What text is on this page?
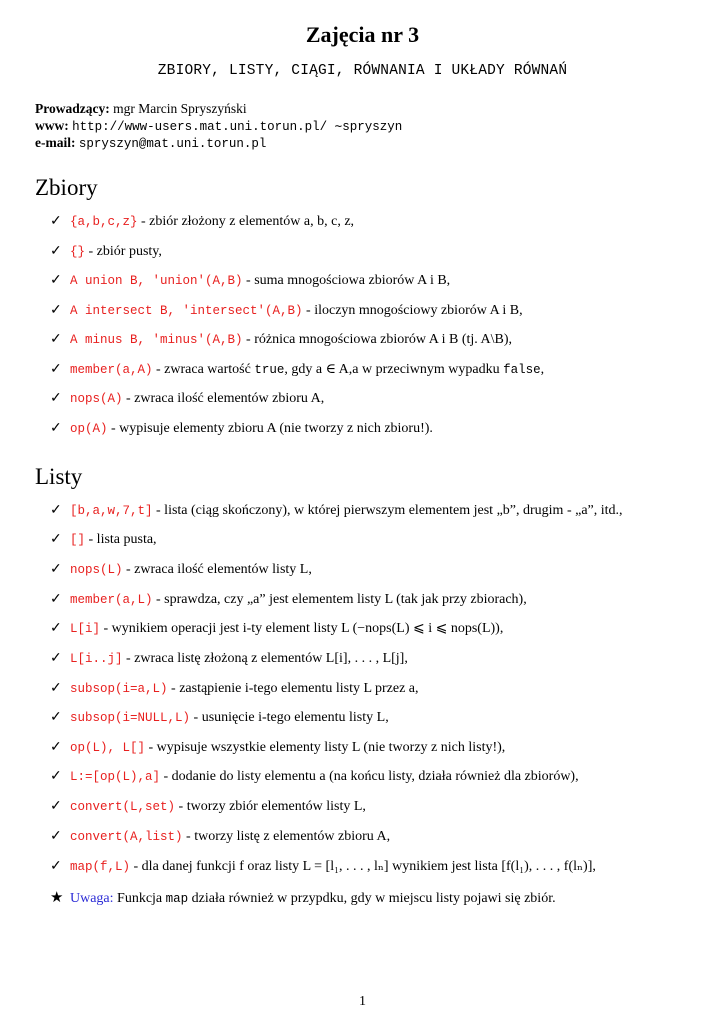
Zajęcia nr 3
ZBIORY, LISTY, CIĄGI, RÓWNANIA I UKŁADY RÓWNAŃ
Prowadzący: mgr Marcin Spryszyński
www: http://www-users.mat.uni.torun.pl/ ∼spryszyn
e-mail: spryszyn@mat.uni.torun.pl
Zbiory
✓ {a,b,c,z} - zbiór złożony z elementów a, b, c, z,
✓ {} - zbiór pusty,
✓ A union B, 'union'(A,B) - suma mnogościowa zbiorów A i B,
✓ A intersect B, 'intersect'(A,B) - iloczyn mnogościowy zbiorów A i B,
✓ A minus B, 'minus'(A,B) - różnica mnogościowa zbiorów A i B (tj. A\B),
✓ member(a,A) - zwraca wartość true, gdy a ∈ A,a w przeciwnym wypadku false,
✓ nops(A) - zwraca ilość elementów zbioru A,
✓ op(A) - wypisuje elementy zbioru A (nie tworzy z nich zbioru!).
Listy
✓ [b,a,w,7,t] - lista (ciąg skończony), w której pierwszym elementem jest „b”, drugim - „a”, itd.,
✓ [] - lista pusta,
✓ nops(L) - zwraca ilość elementów listy L,
✓ member(a,L) - sprawdza, czy „a” jest elementem listy L (tak jak przy zbiorach),
✓ L[i] - wynikiem operacji jest i-ty element listy L (−nops(L) ⩽ i ⩽ nops(L)),
✓ L[i..j] - zwraca listę złożoną z elementów L[i], . . . , L[j],
✓ subsop(i=a,L) - zastąpienie i-tego elementu listy L przez a,
✓ subsop(i=NULL,L) - usunięcie i-tego elementu listy L,
✓ op(L), L[] - wypisuje wszystkie elementy listy L (nie tworzy z nich listy!),
✓ L:=[op(L),a] - dodanie do listy elementu a (na końcu listy, działa również dla zbiorów),
✓ convert(L,set) - tworzy zbiór elementów listy L,
✓ convert(A,list) - tworzy listę z elementów zbioru A,
✓ map(f,L) - dla danej funkcji f oraz listy L = [l₁, . . . , lₙ] wynikiem jest lista [f(l₁), . . . , f(lₙ)],
★ Uwaga: Funkcja map działa również w przypdku, gdy w miejscu listy pojawi się zbiór.
1
